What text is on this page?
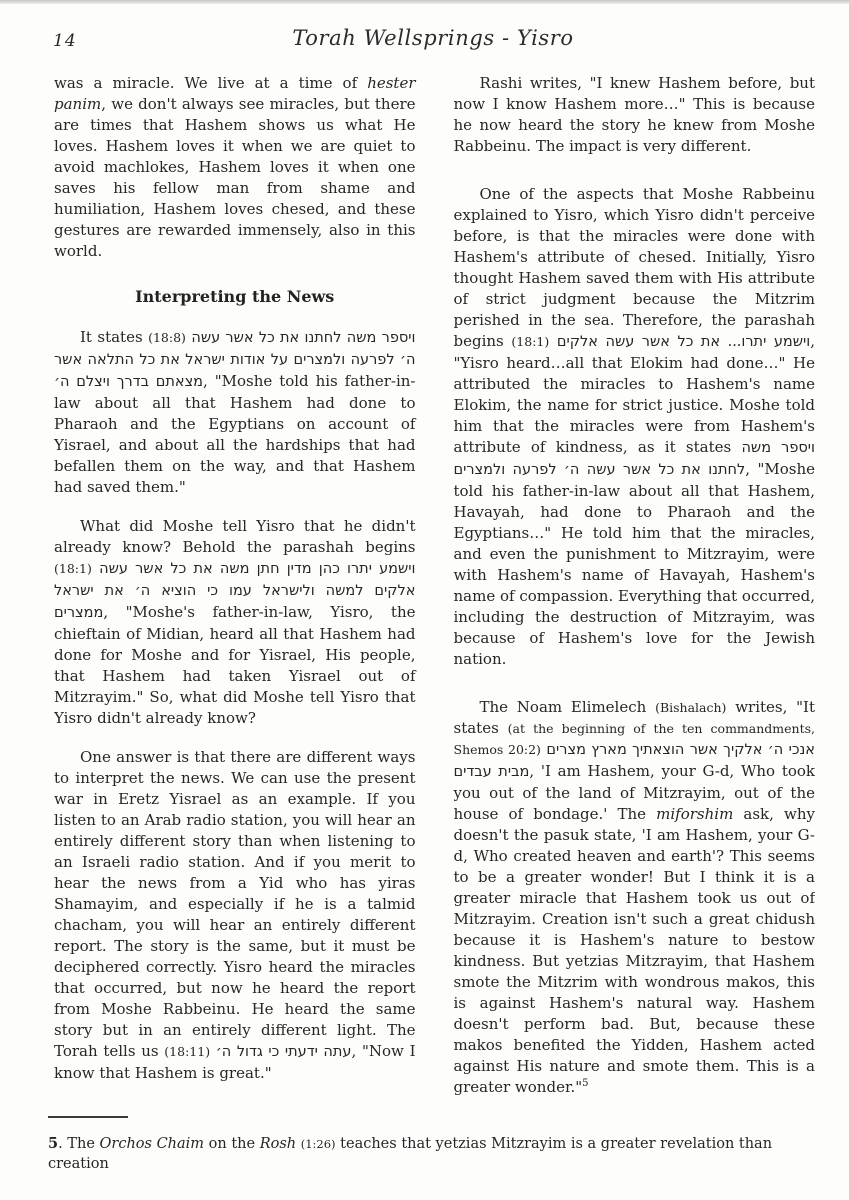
14	Torah Wellsprings - Yisro

was a miracle. We live at a time of hester panim, we don't always see miracles, but there are times that Hashem shows us what He loves. Hashem loves it when we are quiet to avoid machlokes, Hashem loves it when one saves his fellow man from shame and humiliation, Hashem loves chesed, and these gestures are rewarded immensely, also in this world.

Interpreting the News

It states (18:8) ויספר משה לחתנו את כל אשר עשה ה׳ לפרעה ולמצרים על אודות ישראל את כל התלאה אשר מצאתם בדרך ויצלם ה׳, "Moshe told his father-in-law about all that Hashem had done to Pharaoh and the Egyptians on account of Yisrael, and about all the hardships that had befallen them on the way, and that Hashem had saved them."

What did Moshe tell Yisro that he didn't already know? Behold the parashah begins (18:1) וישמע יתרו כהן מדין חתן משה את כל אשר עשה אלקים למשה ולישראל עמו כי הוציא ה׳ את ישראל ממצרים, "Moshe's father-in-law, Yisro, the chieftain of Midian, heard all that Hashem had done for Moshe and for Yisrael, His people, that Hashem had taken Yisrael out of Mitzrayim." So, what did Moshe tell Yisro that Yisro didn't already know?

One answer is that there are different ways to interpret the news. We can use the present war in Eretz Yisrael as an example. If you listen to an Arab radio station, you will hear an entirely different story than when listening to an Israeli radio station. And if you merit to hear the news from a Yid who has yiras Shamayim, and especially if he is a talmid chacham, you will hear an entirely different report. The story is the same, but it must be deciphered correctly. Yisro heard the miracles that occurred, but now he heard the report from Moshe Rabbeinu. He heard the same story but in an entirely different light. The Torah tells us (18:11) עתה ידעתי כי גדול ה׳, "Now I know that Hashem is great."

Rashi writes, "I knew Hashem before, but now I know Hashem more…" This is because he now heard the story he knew from Moshe Rabbeinu. The impact is very different.

One of the aspects that Moshe Rabbeinu explained to Yisro, which Yisro didn't perceive before, is that the miracles were done with Hashem's attribute of chesed. Initially, Yisro thought Hashem saved them with His attribute of strict judgment because the Mitzrim perished in the sea. Therefore, the parashah begins (18:1) וישמע יתרו... את כל אשר עשה אלקים, "Yisro heard…all that Elokim had done…" He attributed the miracles to Hashem's name Elokim, the name for strict justice. Moshe told him that the miracles were from Hashem's attribute of kindness, as it states ויספר משה לחתנו את כל אשר עשה ה׳ לפרעה ולמצרים, "Moshe told his father-in-law about all that Hashem, Havayah, had done to Pharaoh and the Egyptians…" He told him that the miracles, and even the punishment to Mitzrayim, were with Hashem's name of Havayah, Hashem's name of compassion. Everything that occurred, including the destruction of Mitzrayim, was because of Hashem's love for the Jewish nation.

The Noam Elimelech (Bishalach) writes, "It states (at the beginning of the ten commandments, Shemos 20:2) אנכי ה׳ אלקיך אשר הוצאתיך מארץ מצרים מבית עבדים, 'I am Hashem, your G-d, Who took you out of the land of Mitzrayim, out of the house of bondage.' The miforshim ask, why doesn't the pasuk state, 'I am Hashem, your G-d, Who created heaven and earth'? This seems to be a greater wonder! But I think it is a greater miracle that Hashem took us out of Mitzrayim. Creation isn't such a great chidush because it is Hashem's nature to bestow kindness. But yetzias Mitzrayim, that Hashem smote the Mitzrim with wondrous makos, this is against Hashem's natural way. Hashem doesn't perform bad. But, because these makos benefited the Yidden, Hashem acted against His nature and smote them. This is a greater wonder."$^5$

5. The Orchos Chaim on the Rosh (1:26) teaches that yetzias Mitzrayim is a greater revelation than creation
